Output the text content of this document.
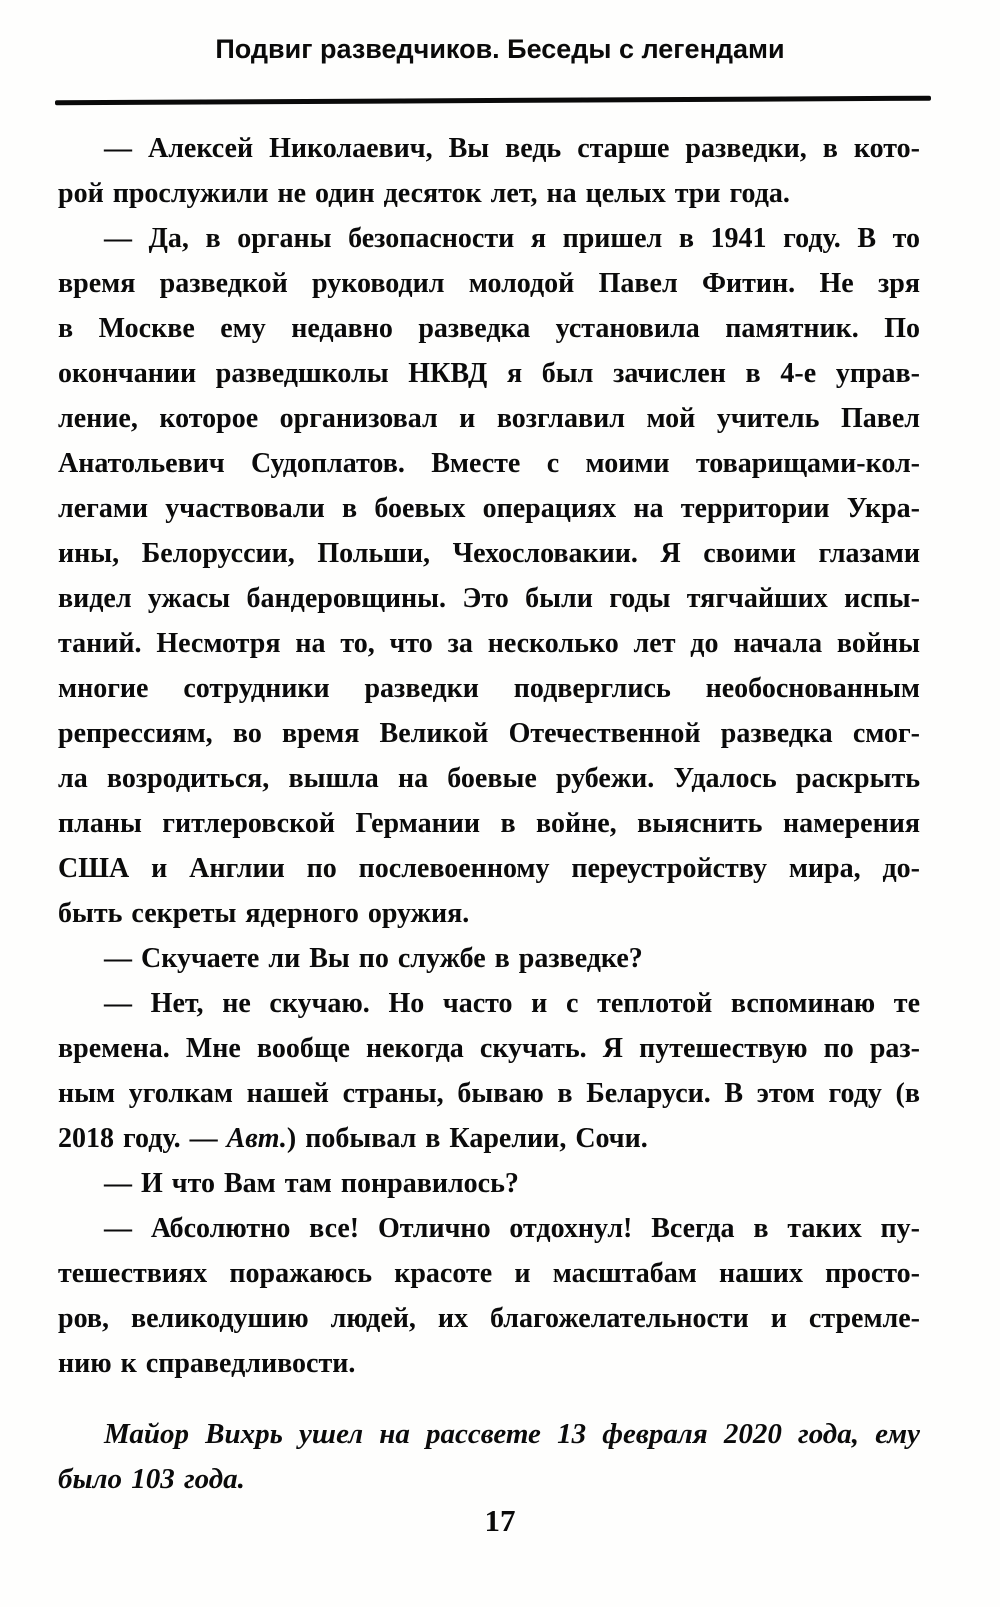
Подвиг разведчиков. Беседы с легендами
— Алексей Николаевич, Вы ведь старше разведки, в кото-
рой прослужили не один десяток лет, на целых три года.
— Да, в органы безопасности я пришел в 1941 году. В то
время разведкой руководил молодой Павел Фитин. Не зря
в Москве ему недавно разведка установила памятник. По
окончании разведшколы НКВД я был зачислен в 4-е управ-
ление, которое организовал и возглавил мой учитель Павел
Анатольевич Судоплатов. Вместе с моими товарищами-кол-
легами участвовали в боевых операциях на территории Укра-
ины, Белоруссии, Польши, Чехословакии. Я своими глазами
видел ужасы бандеровщины. Это были годы тягчайших испы-
таний. Несмотря на то, что за несколько лет до начала войны
многие сотрудники разведки подверглись необоснованным
репрессиям, во время Великой Отечественной разведка смог-
ла возродиться, вышла на боевые рубежи. Удалось раскрыть
планы гитлеровской Германии в войне, выяснить намерения
США и Англии по послевоенному переустройству мира, до-
быть секреты ядерного оружия.
— Скучаете ли Вы по службе в разведке?
— Нет, не скучаю. Но часто и с теплотой вспоминаю те
времена. Мне вообще некогда скучать. Я путешествую по раз-
ным уголкам нашей страны, бываю в Беларуси. В этом году (в
2018 году. — Авт.) побывал в Карелии, Сочи.
— И что Вам там понравилось?
— Абсолютно все! Отлично отдохнул! Всегда в таких пу-
тешествиях поражаюсь красоте и масштабам наших просто-
ров, великодушию людей, их благожелательности и стремле-
нию к справедливости.
Майор Вихрь ушел на рассвете 13 февраля 2020 года, ему
было 103 года.
17
